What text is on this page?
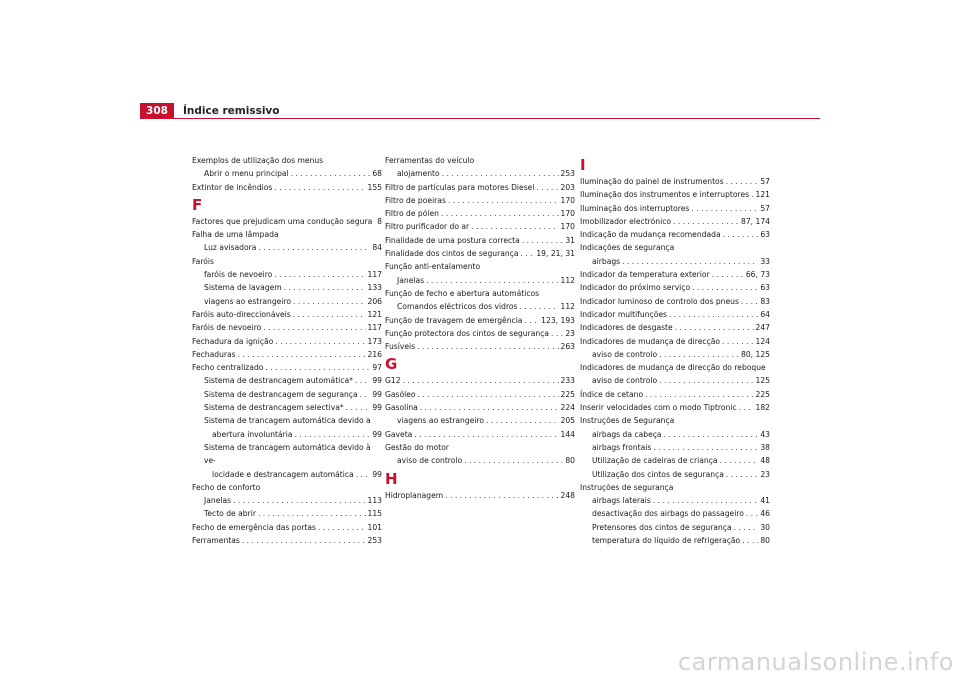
308	Índice remissivo
Exemplos de utilização dos menus
Abrir o menu principal . . .	68
Extintor de incêndios . . .	155
F
Factores que prejudicam uma condução segura 8
Falha de uma lâmpada
Luz avisadora . . .	84
Faróis
faróis de nevoeiro . . .	117
Sistema de lavagem . . .	133
viagens ao estrangeiro . . .	206
Faróis auto-direccionáveis . . .	121
Faróis de nevoeiro . . .	117
Fechadura da ignição . . .	173
Fechaduras . . .	216
Fecho centralizado . . .	97
Sistema de destrancagem automática* . . .	99
Sistema de destrancagem de segurança . . . 99
Sistema de destrancagem selectiva* . . .	99
Sistema de trancagem automática devido a
abertura involuntária . . .	99
Sistema de trancagem automática devido à ve-
locidade e destrancagem automática . . . 99
Fecho de conforto
Janelas . . .	113
Tecto de abrir . . .	115
Fecho de emergência das portas . . .	101
Ferramentas . . .	253
Ferramentas do veículo
alojamento . . .	253
Filtro de partículas para motores Diesel . . .	203
Filtro de poeiras . . .	170
Filtro de pólen . . .	170
Filtro purificador do ar . . .	170
Finalidade de uma postura correcta . . .	31
Finalidade dos cintos de segurança . . . 19, 21, 31
Função anti-entalamento
Janelas . . .	112
Função de fecho e abertura automáticos
Comandos eléctricos dos vidros . . .	112
Função de travagem de emergência . . . 123, 193
Função protectora dos cintos de segurança . . . 23
Fusíveis . . .	263
G
G12 . . .	233
Gasóleo . . .	225
Gasolina . . .	224
viagens ao estrangeiro . . .	205
Gaveta . . .	144
Gestão do motor
aviso de controlo . . .	80
H
Hidroplanagem . . .	248
I
Iluminação do painel de instrumentos . . .	57
Iluminação dos instrumentos e interruptores . . . 121
Iluminação dos interruptores . . .	57
Imobilizador electrónico . . .	87, 174
Indicação da mudança recomendada . . .	63
Indicações de segurança
airbags . . .	33
Indicador da temperatura exterior . . .	66, 73
Indicador do próximo serviço . . .	63
Indicador luminoso de controlo dos pneus . . .	83
Indicador multifunções . . .	64
Indicadores de desgaste . . .	247
Indicadores de mudança de direcção . . .	124
aviso de controlo . . .	80, 125
Indicadores de mudança de direcção do reboque
aviso de controlo . . .	125
Índice de cetano . . .	225
Inserir velocidades com o modo Tiptronic . . . 182
Instruções de Segurança
airbags da cabeça . . .	43
airbags frontais . . .	38
Utilização de cadeiras de criança . . .	48
Utilização dos cintos de segurança . . .	23
Instruções de segurança
airbags laterais . . .	41
desactivação dos airbags do passageiro . . . 46
Pretensores dos cintos de segurança . . .	30
temperatura do líquido de refrigeração . . .	80
carmanualsonline.info
